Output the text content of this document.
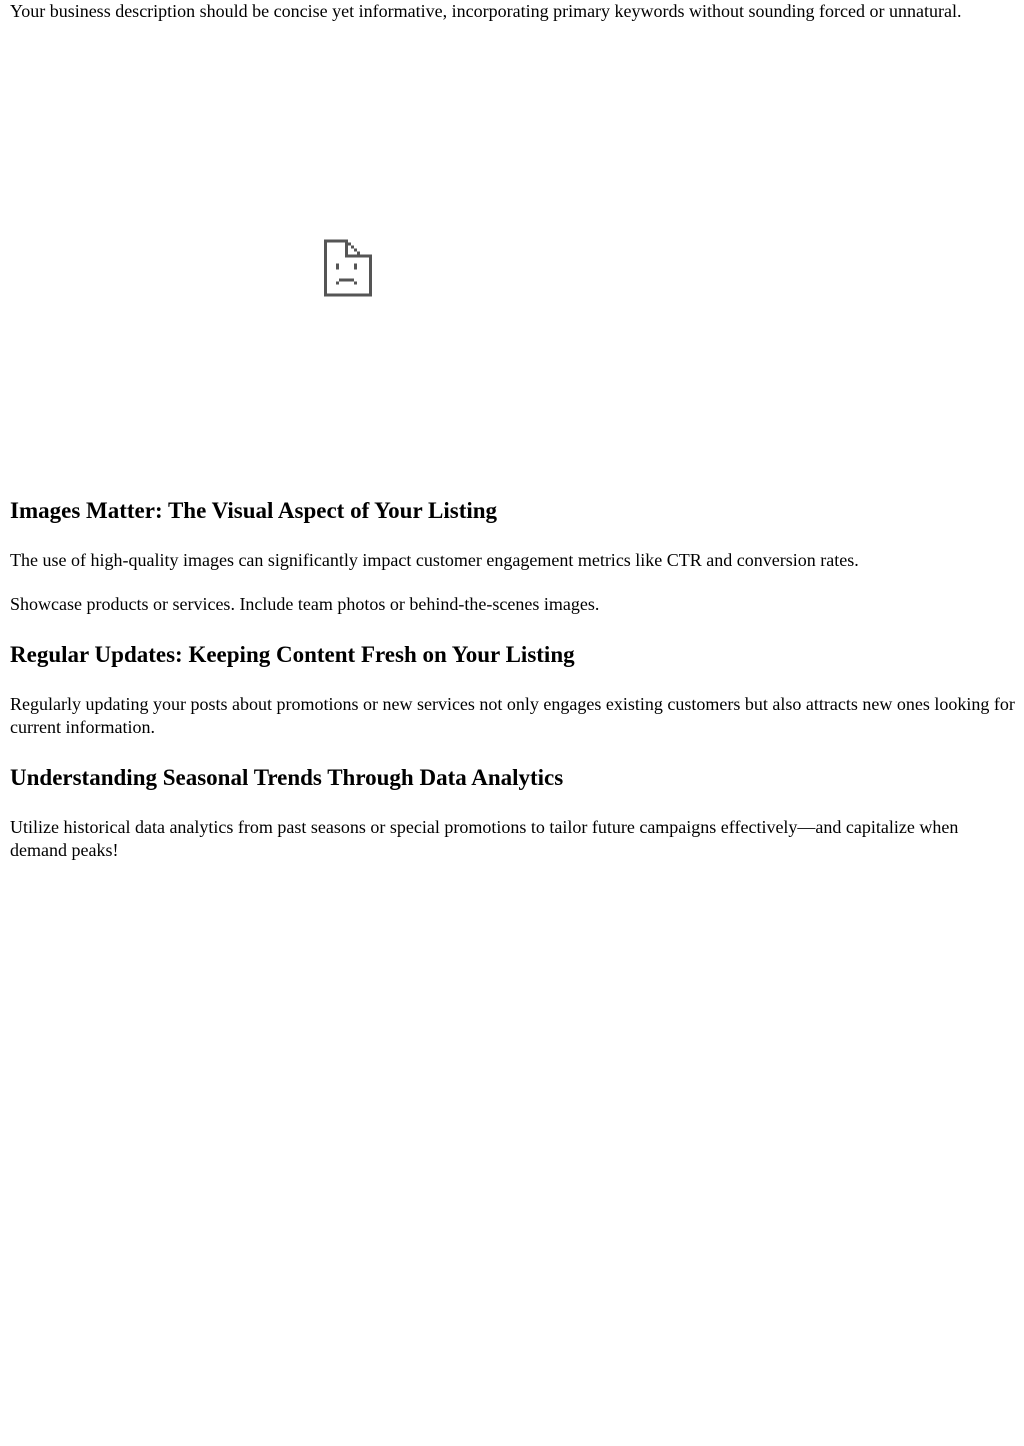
Your business description should be concise yet informative, incorporating primary keywords without sounding forced or unnatural.

Images Matter: The Visual Aspect of Your Listing

The use of high-quality images can significantly impact customer engagement metrics like CTR and conversion rates.

Showcase products or services. Include team photos or behind-the-scenes images.

Regular Updates: Keeping Content Fresh on Your Listing

Regularly updating your posts about promotions or new services not only engages existing customers but also attracts new ones looking for current information.

Understanding Seasonal Trends Through Data Analytics

Utilize historical data analytics from past seasons or special promotions to tailor future campaigns effectively—and capitalize when demand peaks!
